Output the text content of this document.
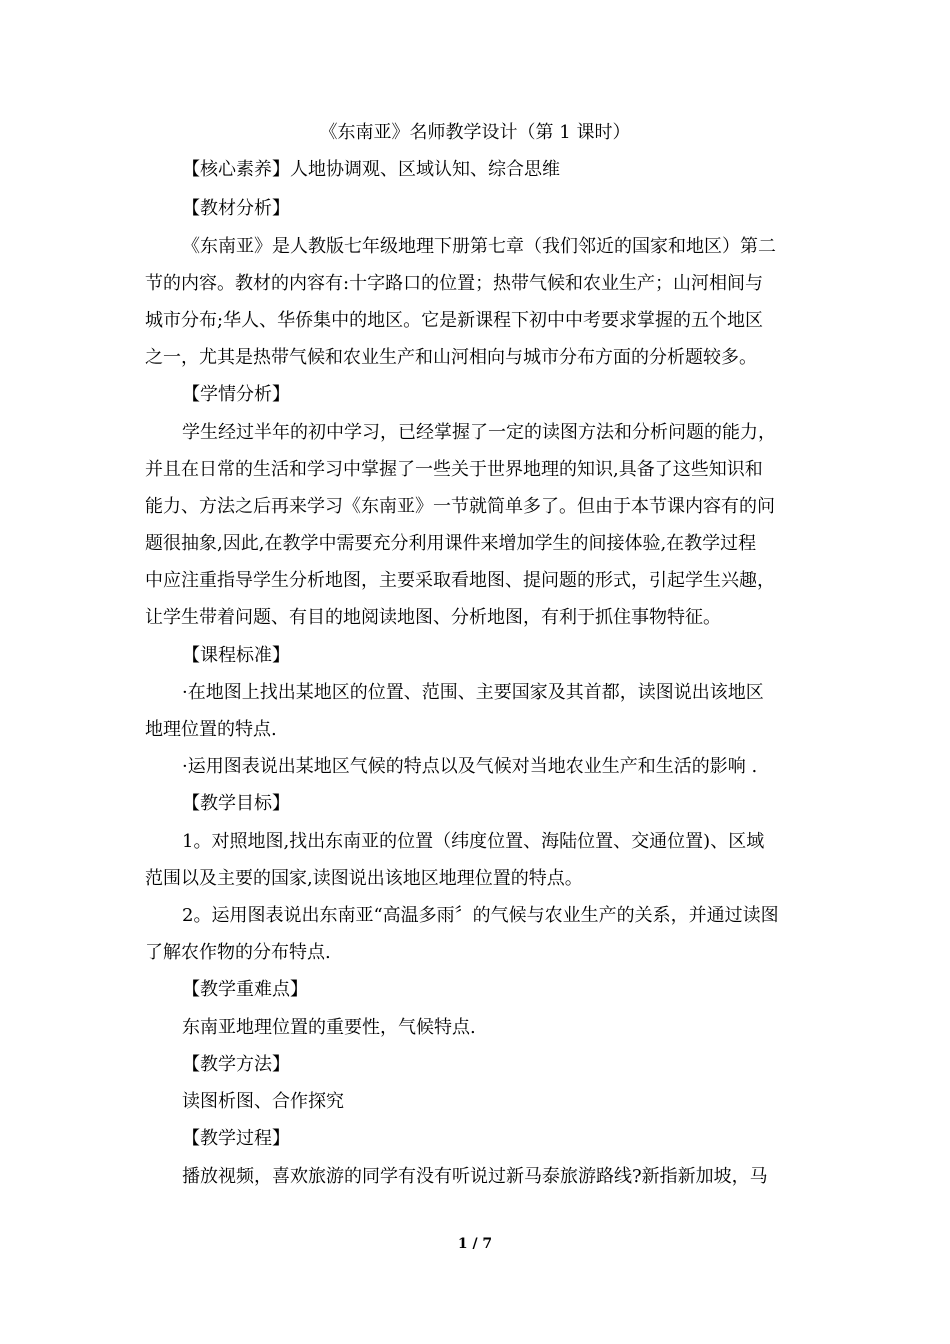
《东南亚》名师教学设计（第 1 课时）
【核心素养】人地协调观、区域认知、综合思维
【教材分析】
《东南亚》是人教版七年级地理下册第七章（我们邻近的国家和地区）第二
节的内容。教材的内容有:十字路口的位置；热带气候和农业生产；山河相间与
城市分布;华人、华侨集中的地区。它是新课程下初中中考要求掌握的五个地区
之一，尤其是热带气候和农业生产和山河相向与城市分布方面的分析题较多。
【学情分析】
学生经过半年的初中学习，已经掌握了一定的读图方法和分析问题的能力，
并且在日常的生活和学习中掌握了一些关于世界地理的知识,具备了这些知识和
能力、方法之后再来学习《东南亚》一节就简单多了。但由于本节课内容有的问
题很抽象,因此,在教学中需要充分利用课件来增加学生的间接体验,在教学过程
中应注重指导学生分析地图，主要采取看地图、提问题的形式，引起学生兴趣，
让学生带着问题、有目的地阅读地图、分析地图，有利于抓住事物特征。
【课程标准】
·在地图上找出某地区的位置、范围、主要国家及其首都，读图说出该地区
地理位置的特点.
·运用图表说出某地区气候的特点以及气候对当地农业生产和生活的影响 .
【教学目标】
1。对照地图,找出东南亚的位置（纬度位置、海陆位置、交通位置)、区域
范围以及主要的国家,读图说出该地区地理位置的特点。
2。运用图表说出东南亚“高温多雨〞的气候与农业生产的关系，并通过读图
了解农作物的分布特点.
【教学重难点】
东南亚地理位置的重要性，气候特点.
【教学方法】
读图析图、合作探究
【教学过程】
播放视频，喜欢旅游的同学有没有听说过新马泰旅游路线?新指新加坡，马
1 / 7
